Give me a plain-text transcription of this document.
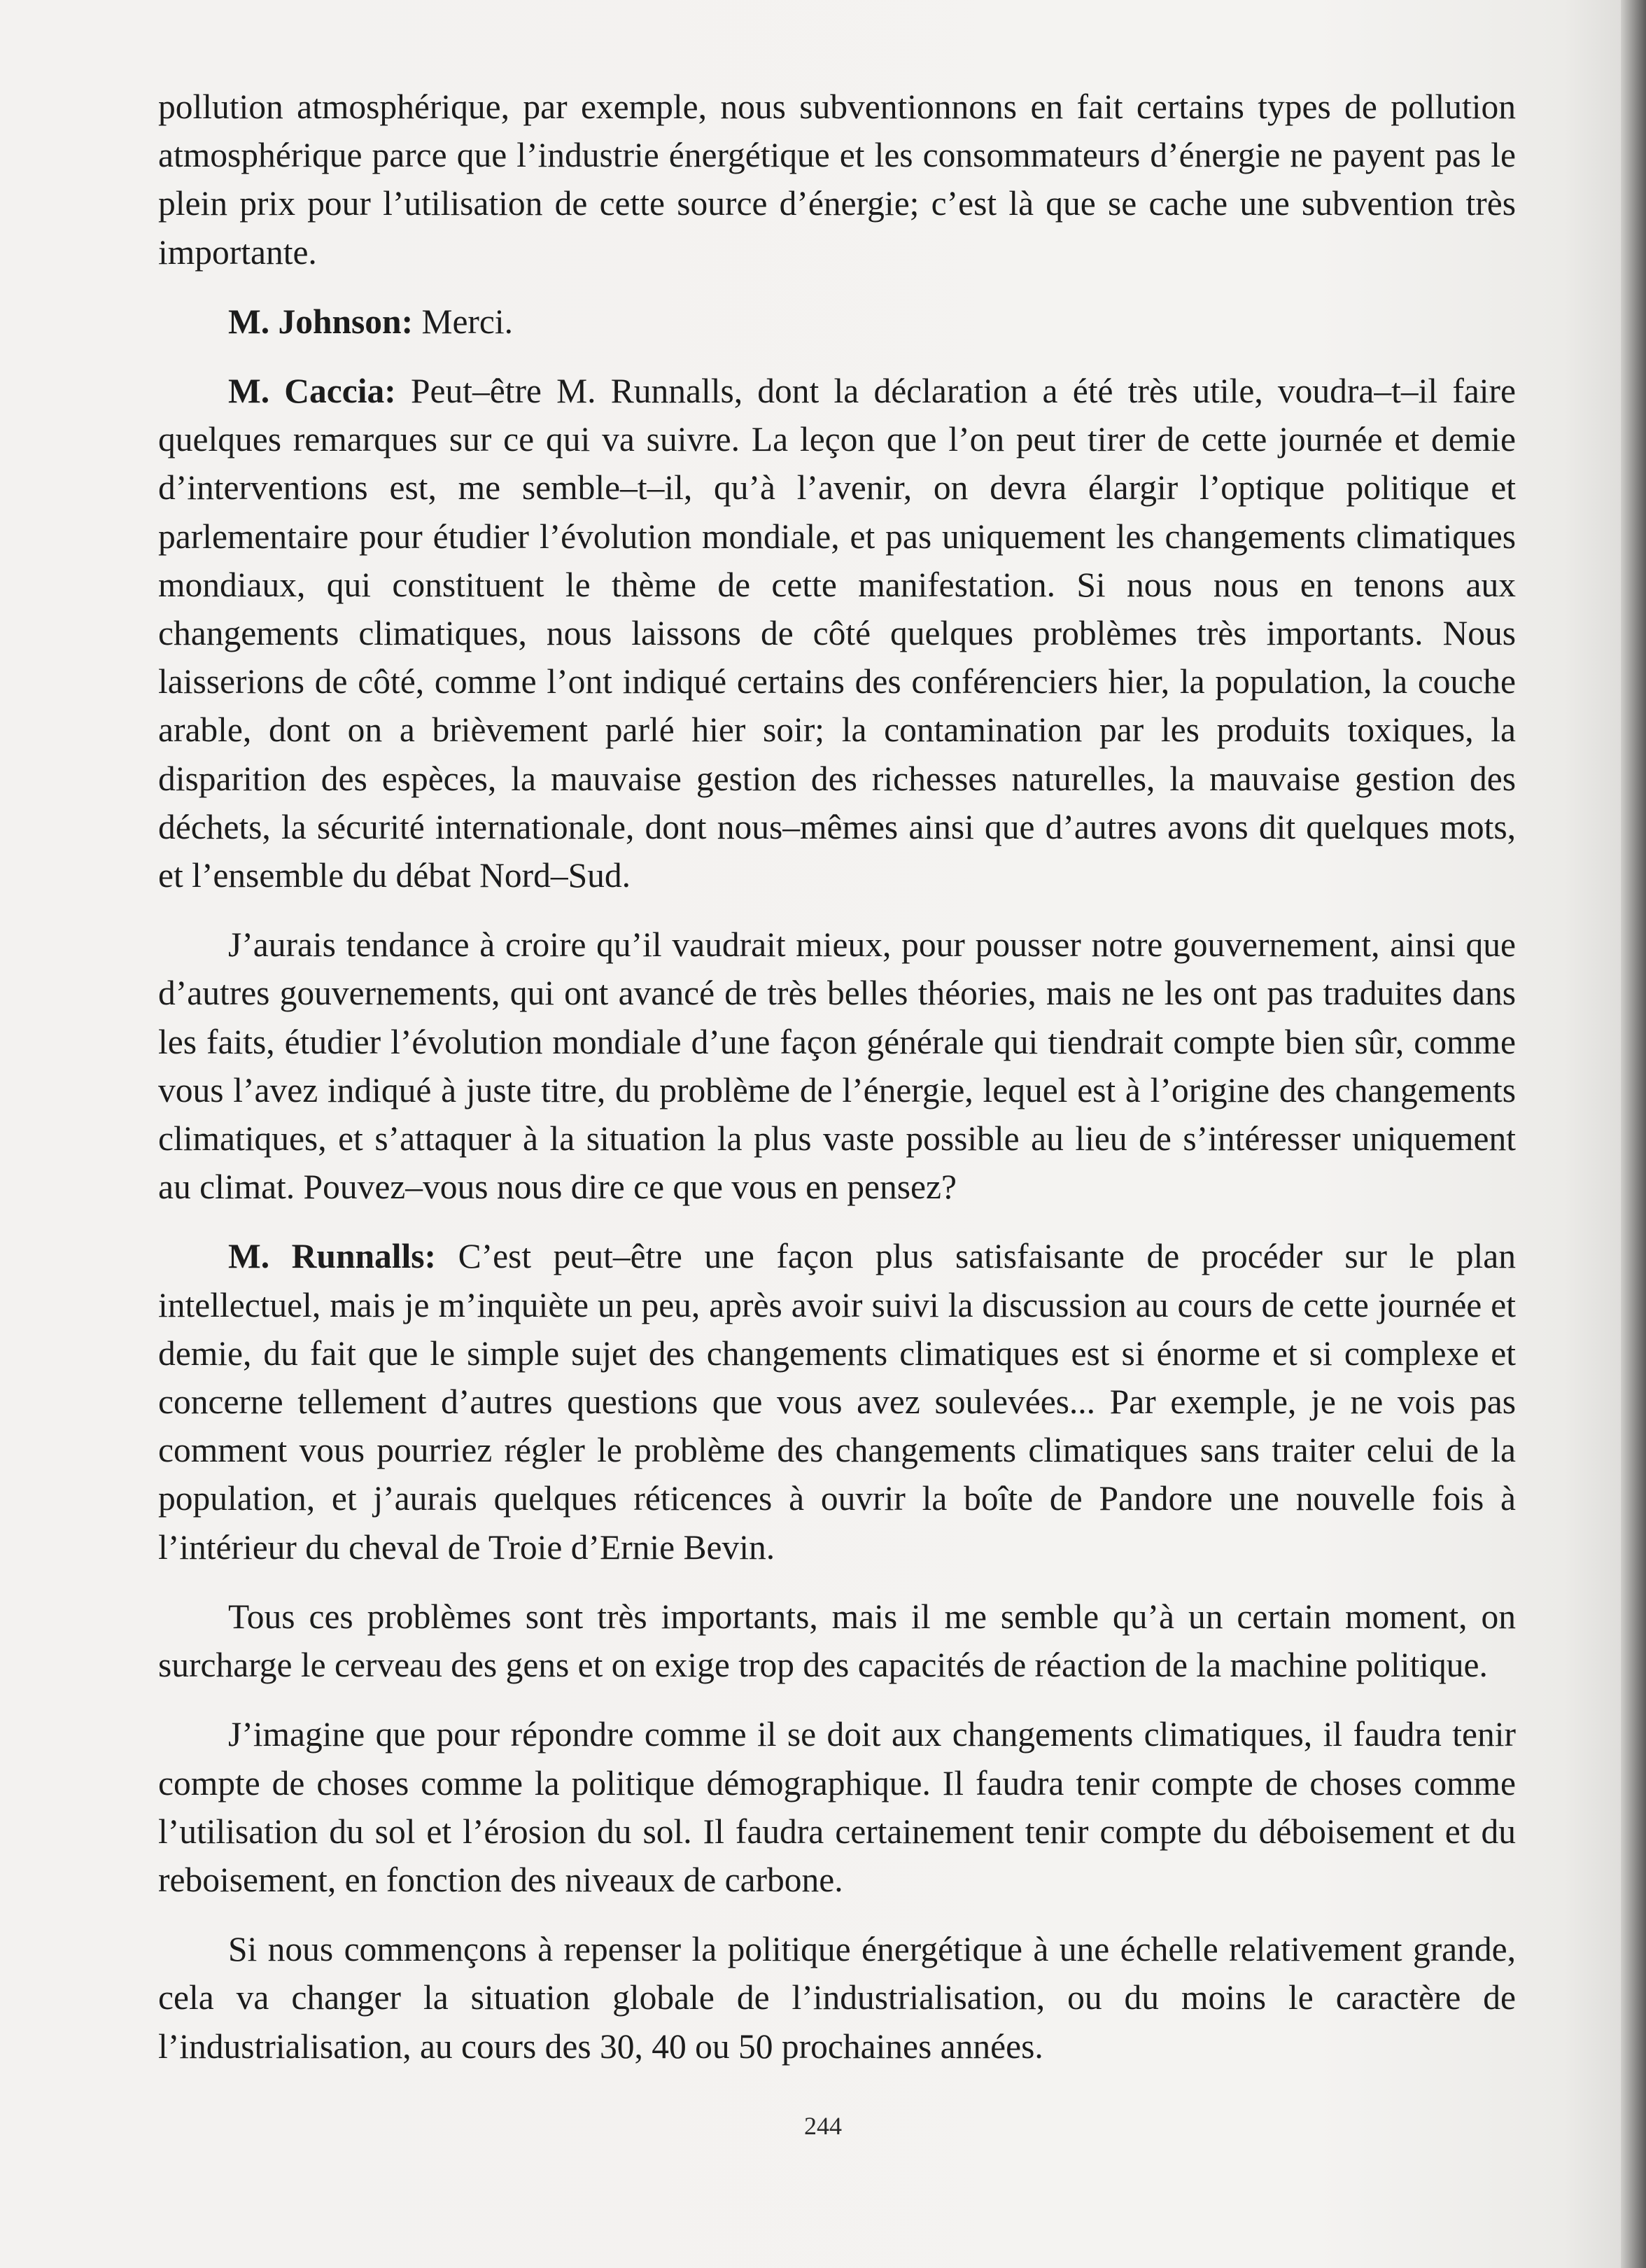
pollution atmosphérique, par exemple, nous subventionnons en fait certains types de pollution atmosphérique parce que l’industrie énergétique et les consommateurs d’énergie ne payent pas le plein prix pour l’utilisation de cette source d’énergie; c’est là que se cache une subvention très importante.

M. Johnson: Merci.

M. Caccia: Peut–être M. Runnalls, dont la déclaration a été très utile, voudra–t–il faire quelques remarques sur ce qui va suivre. La leçon que l’on peut tirer de cette journée et demie d’interventions est, me semble–t–il, qu’à l’avenir, on devra élargir l’optique politique et parlementaire pour étudier l’évolution mondiale, et pas uniquement les changements climatiques mondiaux, qui constituent le thème de cette manifestation. Si nous nous en tenons aux changements climatiques, nous laissons de côté quelques problèmes très importants. Nous laisserions de côté, comme l’ont indiqué certains des conférenciers hier, la population, la couche arable, dont on a brièvement parlé hier soir; la contamination par les produits toxiques, la disparition des espèces, la mauvaise gestion des richesses naturelles, la mauvaise gestion des déchets, la sécurité internationale, dont nous–mêmes ainsi que d’autres avons dit quelques mots, et l’ensemble du débat Nord–Sud.

J’aurais tendance à croire qu’il vaudrait mieux, pour pousser notre gouvernement, ainsi que d’autres gouvernements, qui ont avancé de très belles théories, mais ne les ont pas traduites dans les faits, étudier l’évolution mondiale d’une façon générale qui tiendrait compte bien sûr, comme vous l’avez indiqué à juste titre, du problème de l’énergie, lequel est à l’origine des changements climatiques, et s’attaquer à la situation la plus vaste possible au lieu de s’intéresser uniquement au climat. Pouvez–vous nous dire ce que vous en pensez?

M. Runnalls: C’est peut–être une façon plus satisfaisante de procéder sur le plan intellectuel, mais je m’inquiète un peu, après avoir suivi la discussion au cours de cette journée et demie, du fait que le simple sujet des changements climatiques est si énorme et si complexe et concerne tellement d’autres questions que vous avez soulevées... Par exemple, je ne vois pas comment vous pourriez régler le problème des changements climatiques sans traiter celui de la population, et j’aurais quelques réticences à ouvrir la boîte de Pandore une nouvelle fois à l’intérieur du cheval de Troie d’Ernie Bevin.

Tous ces problèmes sont très importants, mais il me semble qu’à un certain moment, on surcharge le cerveau des gens et on exige trop des capacités de réaction de la machine politique.

J’imagine que pour répondre comme il se doit aux changements climatiques, il faudra tenir compte de choses comme la politique démographique. Il faudra tenir compte de choses comme l’utilisation du sol et l’érosion du sol. Il faudra certainement tenir compte du déboisement et du reboisement, en fonction des niveaux de carbone.

Si nous commençons à repenser la politique énergétique à une échelle relativement grande, cela va changer la situation globale de l’industrialisation, ou du moins le caractère de l’industrialisation, au cours des 30, 40 ou 50 prochaines années.

244
